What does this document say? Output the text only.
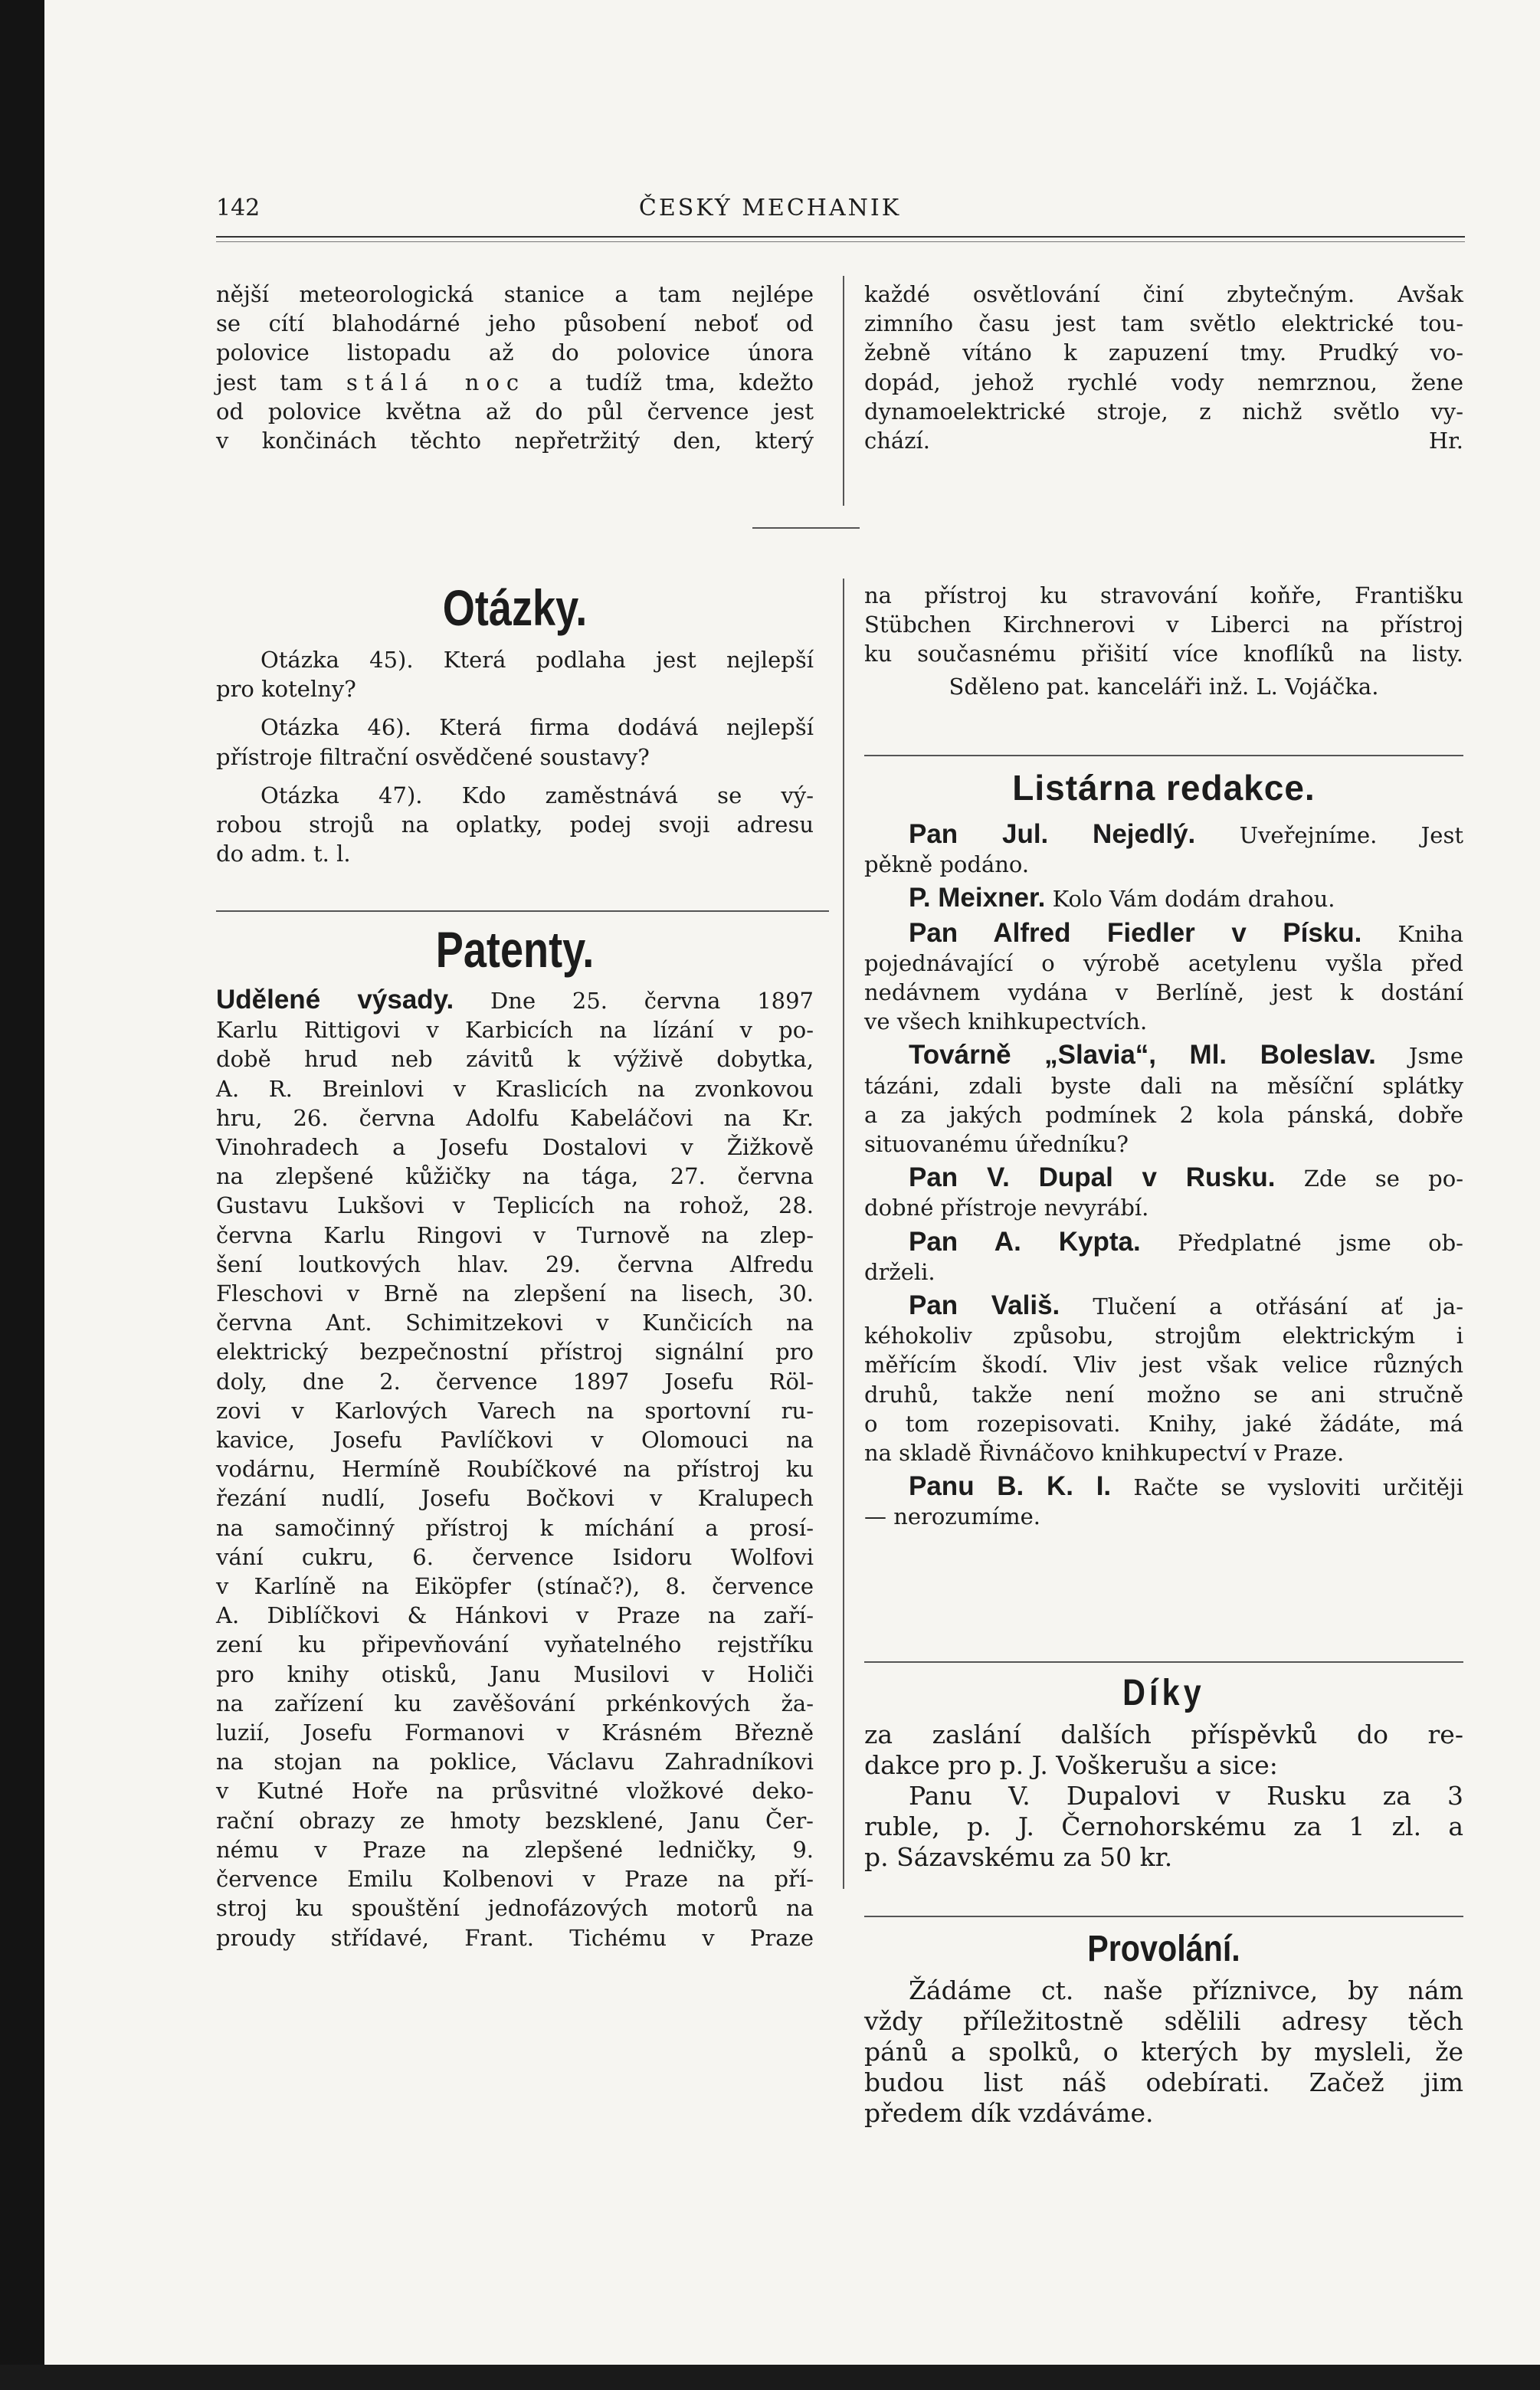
142	ČESKÝ MECHANIK

nější meteorologická stanice a tam nejlépe

se cítí blahodárné jeho působení neboť od

polovice listopadu až do polovice února

jest tam stálá noc a tudíž tma, kdežto

od polovice května až do půl července jest

v končinách těchto nepřetržitý den, který

každé osvětlování činí zbytečným. Avšak

zimního času jest tam světlo elektrické tou-

žebně vítáno k zapuzení tmy. Prudký vo-

dopád, jehož rychlé vody nemrznou, žene

dynamoelektrické stroje, z nichž světlo vy-

chází.	Hr.

Otázky.

Otázka 45). Která podlaha jest nejlepší

pro kotelny?

Otázka 46). Která firma dodává nejlepší

přístroje filtrační osvědčené soustavy?

Otázka 47). Kdo zaměstnává se vý-

robou strojů na oplatky, podej svoji adresu

do adm. t. l.

Patenty.

Udělené výsady. Dne 25. června 1897

Karlu Rittigovi v Karbicích na lízání v po-

době hrud neb závitů k výživě dobytka,

A. R. Breinlovi v Kraslicích na zvonkovou

hru, 26. června Adolfu Kabeláčovi na Kr.

Vinohradech a Josefu Dostalovi v Žižkově

na zlepšené kůžičky na tága, 27. června

Gustavu Lukšovi v Teplicích na rohož, 28.

června Karlu Ringovi v Turnově na zlep-

šení loutkových hlav. 29. června Alfredu

Fleschovi v Brně na zlepšení na lisech, 30.

června Ant. Schimitzekovi v Kunčicích na

elektrický bezpečnostní přístroj signální pro

doly, dne 2. července 1897 Josefu Röl-

zovi v Karlových Varech na sportovní ru-

kavice, Josefu Pavlíčkovi v Olomouci na

vodárnu, Hermíně Roubíčkové na přístroj ku

řezání nudlí, Josefu Bočkovi v Kralupech

na samočinný přístroj k míchání a prosí-

vání cukru, 6. července Isidoru Wolfovi

v Karlíně na Eiköpfer (stínač?), 8. července

A. Diblíčkovi & Hánkovi v Praze na zaří-

zení ku připevňování vyňatelného rejstříku

pro knihy otisků, Janu Musilovi v Holiči

na zařízení ku zavěšování prkénkových ža-

luzií, Josefu Formanovi v Krásném Březně

na stojan na poklice, Václavu Zahradníkovi

v Kutné Hoře na průsvitné vložkové deko-

rační obrazy ze hmoty bezsklené, Janu Čer-

nému v Praze na zlepšené ledničky, 9.

července Emilu Kolbenovi v Praze na pří-

stroj ku spouštění jednofázových motorů na

proudy střídavé, Frant. Tichému v Praze

na přístroj ku stravování koňře, Františku

Stübchen Kirchnerovi v Liberci na přístroj

ku současnému přišití více knoflíků na listy.

Sděleno pat. kanceláři inž. L. Vojáčka.

Listárna redakce.

Pan Jul. Nejedlý. Uveřejníme. Jest

pěkně podáno.

P. Meixner. Kolo Vám dodám drahou.

Pan Alfred Fiedler v Písku. Kniha

pojednávající o výrobě acetylenu vyšla před

nedávnem vydána v Berlíně, jest k dostání

ve všech knihkupectvích.

Továrně „Slavia“, Ml. Boleslav. Jsme

tázáni, zdali byste dali na měsíční splátky

a za jakých podmínek 2 kola pánská, dobře

situovanému úředníku?

Pan V. Dupal v Rusku. Zde se po-

dobné přístroje nevyrábí.

Pan A. Kypta. Předplatné jsme ob-

drželi.

Pan Vališ. Tlučení a otřásání ať ja-

kéhokoliv způsobu, strojům elektrickým i

měřícím škodí. Vliv jest však velice různých

druhů, takže není možno se ani stručně

o tom rozepisovati. Knihy, jaké žádáte, má

na skladě Řivnáčovo knihkupectví v Praze.

Panu B. K. I. Račte se vysloviti určitěji

— nerozumíme.

Díky

za zaslání dalších příspěvků do re-

dakce pro p. J. Voškerušu a sice:

Panu V. Dupalovi v Rusku za 3

ruble, p. J. Černohorskému za 1 zl. a

p. Sázavskému za 50 kr.

Provolání.

Žádáme ct. naše příznivce, by nám

vždy příležitostně sdělili adresy těch

pánů a spolků, o kterých by mysleli, že

budou list náš odebírati. Začež jim

předem dík vzdáváme.
